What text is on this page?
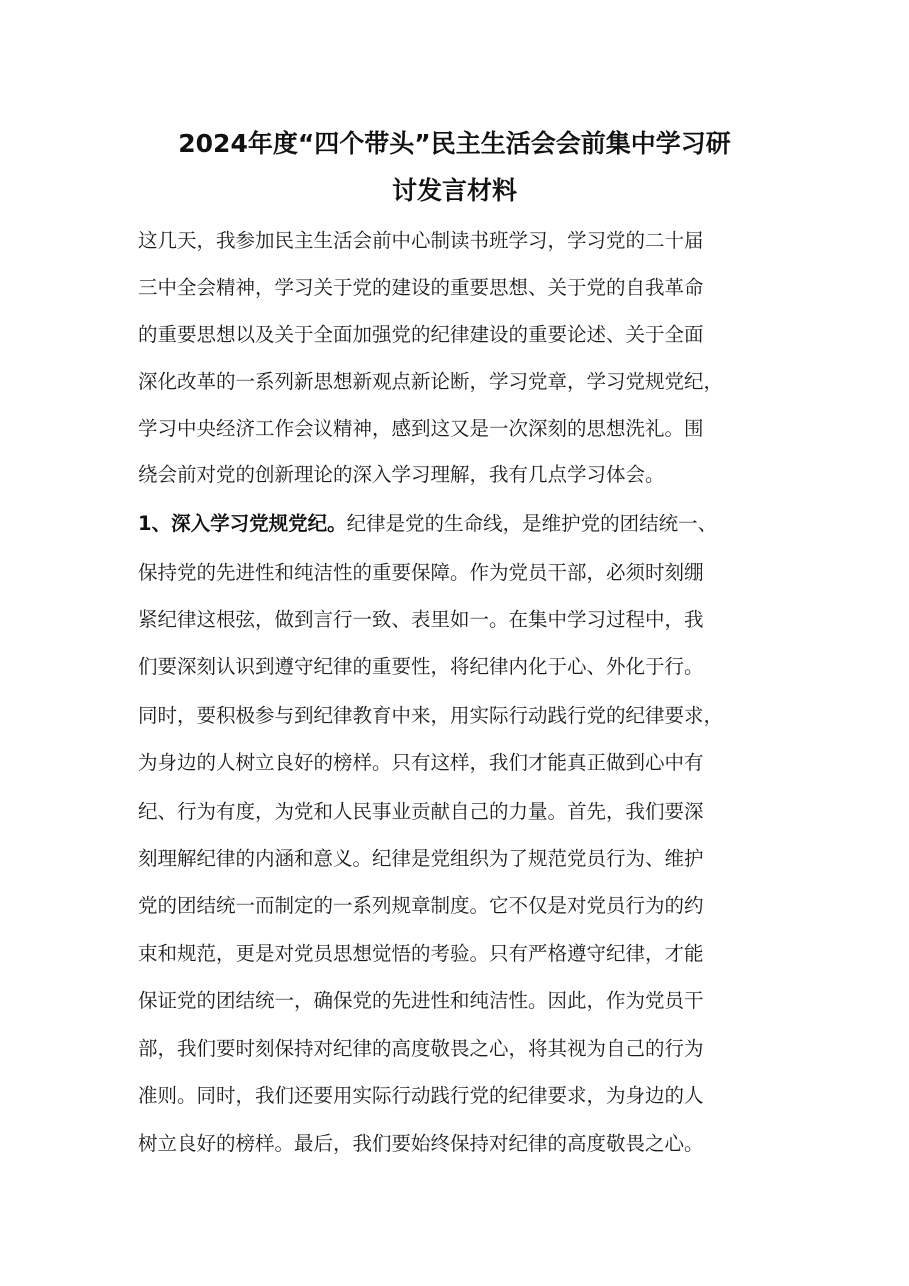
2024年度“四个带头”民主生活会会前集中学习研
讨发言材料
这几天，我参加民主生活会前中心制读书班学习，学习党的二十届
三中全会精神，学习关于党的建设的重要思想、关于党的自我革命
的重要思想以及关于全面加强党的纪律建设的重要论述、关于全面
深化改革的一系列新思想新观点新论断，学习党章，学习党规党纪，
学习中央经济工作会议精神，感到这又是一次深刻的思想洗礼。围
绕会前对党的创新理论的深入学习理解，我有几点学习体会。
1、深入学习党规党纪。纪律是党的生命线，是维护党的团结统一、
保持党的先进性和纯洁性的重要保障。作为党员干部，必须时刻绷
紧纪律这根弦，做到言行一致、表里如一。在集中学习过程中，我
们要深刻认识到遵守纪律的重要性，将纪律内化于心、外化于行。
同时，要积极参与到纪律教育中来，用实际行动践行党的纪律要求，
为身边的人树立良好的榜样。只有这样，我们才能真正做到心中有
纪、行为有度，为党和人民事业贡献自己的力量。首先，我们要深
刻理解纪律的内涵和意义。纪律是党组织为了规范党员行为、维护
党的团结统一而制定的一系列规章制度。它不仅是对党员行为的约
束和规范，更是对党员思想觉悟的考验。只有严格遵守纪律，才能
保证党的团结统一，确保党的先进性和纯洁性。因此，作为党员干
部，我们要时刻保持对纪律的高度敬畏之心，将其视为自己的行为
准则。同时，我们还要用实际行动践行党的纪律要求，为身边的人
树立良好的榜样。最后，我们要始终保持对纪律的高度敬畏之心。
